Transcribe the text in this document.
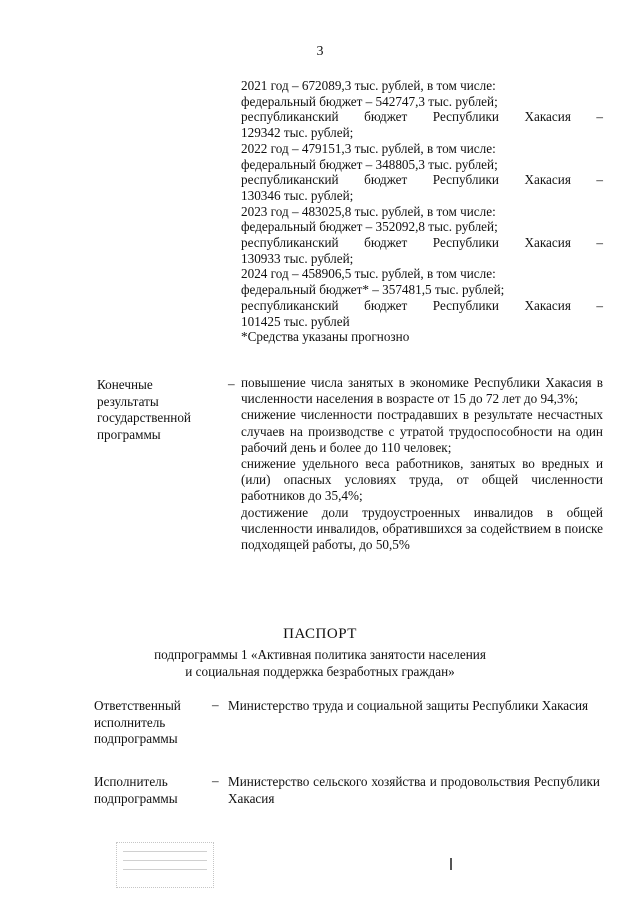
3
2021 год – 672089,3 тыс. рублей, в том числе:
федеральный бюджет – 542747,3 тыс. рублей;
республиканский бюджет Республики Хакасия –
129342 тыс. рублей;
2022 год – 479151,3 тыс. рублей, в том числе:
федеральный бюджет – 348805,3 тыс. рублей;
республиканский бюджет Республики Хакасия –
130346 тыс. рублей;
2023 год – 483025,8 тыс. рублей, в том числе:
федеральный бюджет – 352092,8 тыс. рублей;
республиканский бюджет Республики Хакасия –
130933 тыс. рублей;
2024 год – 458906,5 тыс. рублей, в том числе:
федеральный бюджет* – 357481,5 тыс. рублей;
республиканский бюджет Республики Хакасия –
101425 тыс. рублей
*Средства указаны прогнозно
Конечные
результаты
государственной
программы
– повышение числа занятых в экономике Республики Хакасия в численности населения в возрасте от 15 до 72 лет до 94,3%;

снижение численности пострадавших в результате несчастных случаев на производстве с утратой трудоспособности на один рабочий день и более до 110 человек;

снижение удельного веса работников, занятых во вредных и (или) опасных условиях труда, от общей численности работников до 35,4%;

достижение доли трудоустроенных инвалидов в общей численности инвалидов, обратившихся за содействием в поиске подходящей работы, до 50,5%

ПАСПОРТ
подпрограммы 1 «Активная политика занятости населения
и социальная поддержка безработных граждан»
Ответственный
исполнитель
подпрограммы
– Министерство труда и социальной защиты Республики Хакасия
Исполнитель
подпрограммы
– Министерство сельского хозяйства и продовольствия Республики Хакасия
